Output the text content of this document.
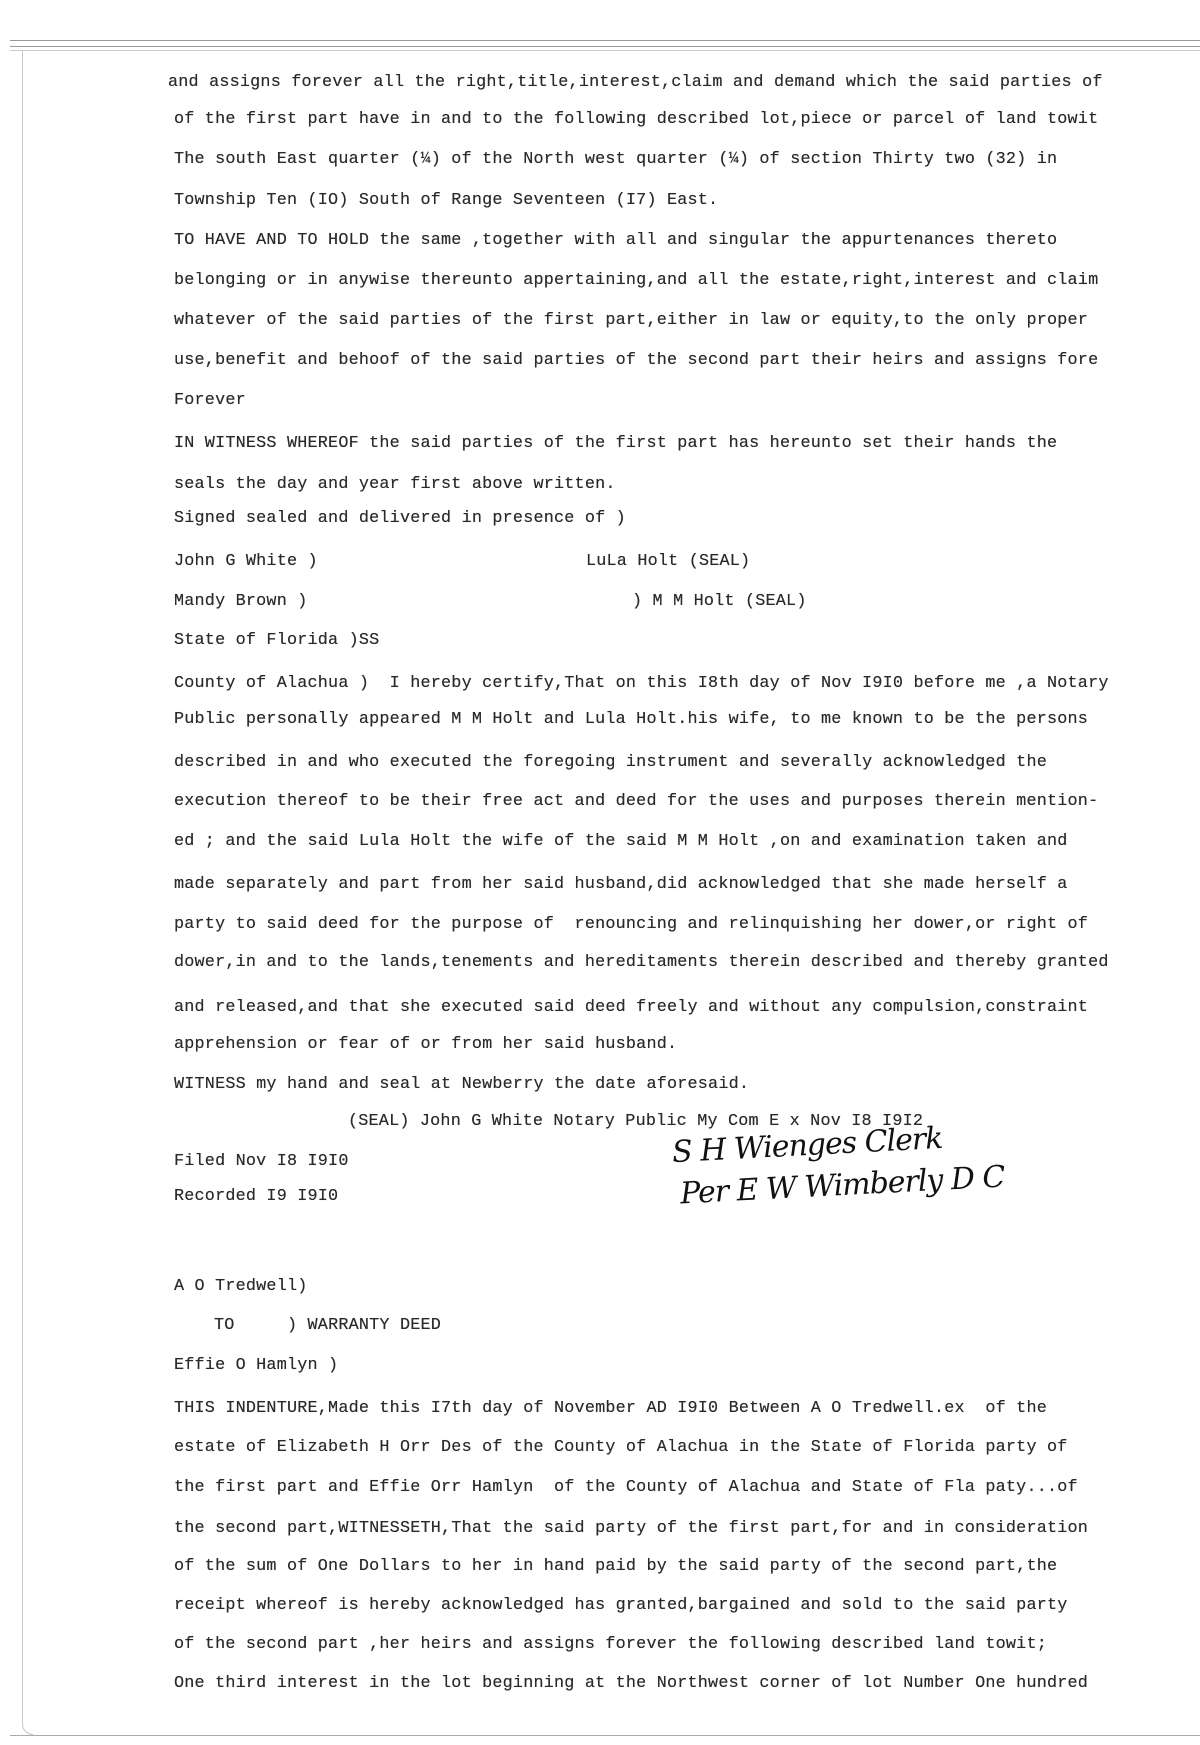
and assigns forever all the right,title,interest,claim and demand which the said parties of
of the first part have in and to the following described lot,piece or parcel of land towit
The south East quarter (¼) of the North west quarter (¼) of section Thirty two (32) in
Township Ten (IO) South of Range Seventeen (I7) East.
TO HAVE AND TO HOLD the same ,together with all and singular the appurtenances thereto
belonging or in anywise thereunto appertaining,and all the estate,right,interest and claim
whatever of the said parties of the first part,either in law or equity,to the only proper
use,benefit and behoof of the said parties of the second part their heirs and assigns fore
Forever
IN WITNESS WHEREOF the said parties of the first part has hereunto set their hands the
seals the day and year first above written.
Signed sealed and delivered in presence of )
John G White )	LuLa Holt (SEAL)
Mandy Brown )	) M M Holt (SEAL)
State of Florida )SS
County of Alachua )  I hereby certify,That on this I8th day of Nov I9I0 before me ,a Notary
Public personally appeared M M Holt and Lula Holt.his wife, to me known to be the persons
described in and who executed the foregoing instrument and severally acknowledged the
execution thereof to be their free act and deed for the uses and purposes therein mention-
ed ; and the said Lula Holt the wife of the said M M Holt ,on and examination taken and
made separately and part from her said husband,did acknowledged that she made herself a
party to said deed for the purpose of  renouncing and relinquishing her dower,or right of
dower,in and to the lands,tenements and hereditaments therein described and thereby granted
and released,and that she executed said deed freely and without any compulsion,constraint
apprehension or fear of or from her said husband.
WITNESS my hand and seal at Newberry the date aforesaid.
(SEAL) John G White Notary Public My Com E x Nov I8 I9I2
Filed Nov I8 I9I0
Recorded I9 I9I0
A O Tredwell)
TO	) WARRANTY DEED
Effie O Hamlyn )
THIS INDENTURE,Made this I7th day of November AD I9I0 Between A O Tredwell.ex  of the
estate of Elizabeth H Orr Des of the County of Alachua in the State of Florida party of
the first part and Effie Orr Hamlyn  of the County of Alachua and State of Fla paty...of
the second part,WITNESSETH,That the said party of the first part,for and in consideration
of the sum of One Dollars to her in hand paid by the said party of the second part,the
receipt whereof is hereby acknowledged has granted,bargained and sold to the said party
of the second part ,her heirs and assigns forever the following described land towit;
One third interest in the lot beginning at the Northwest corner of lot Number One hundred
S H Wienges Clerk
Per E W Wimberly D C
